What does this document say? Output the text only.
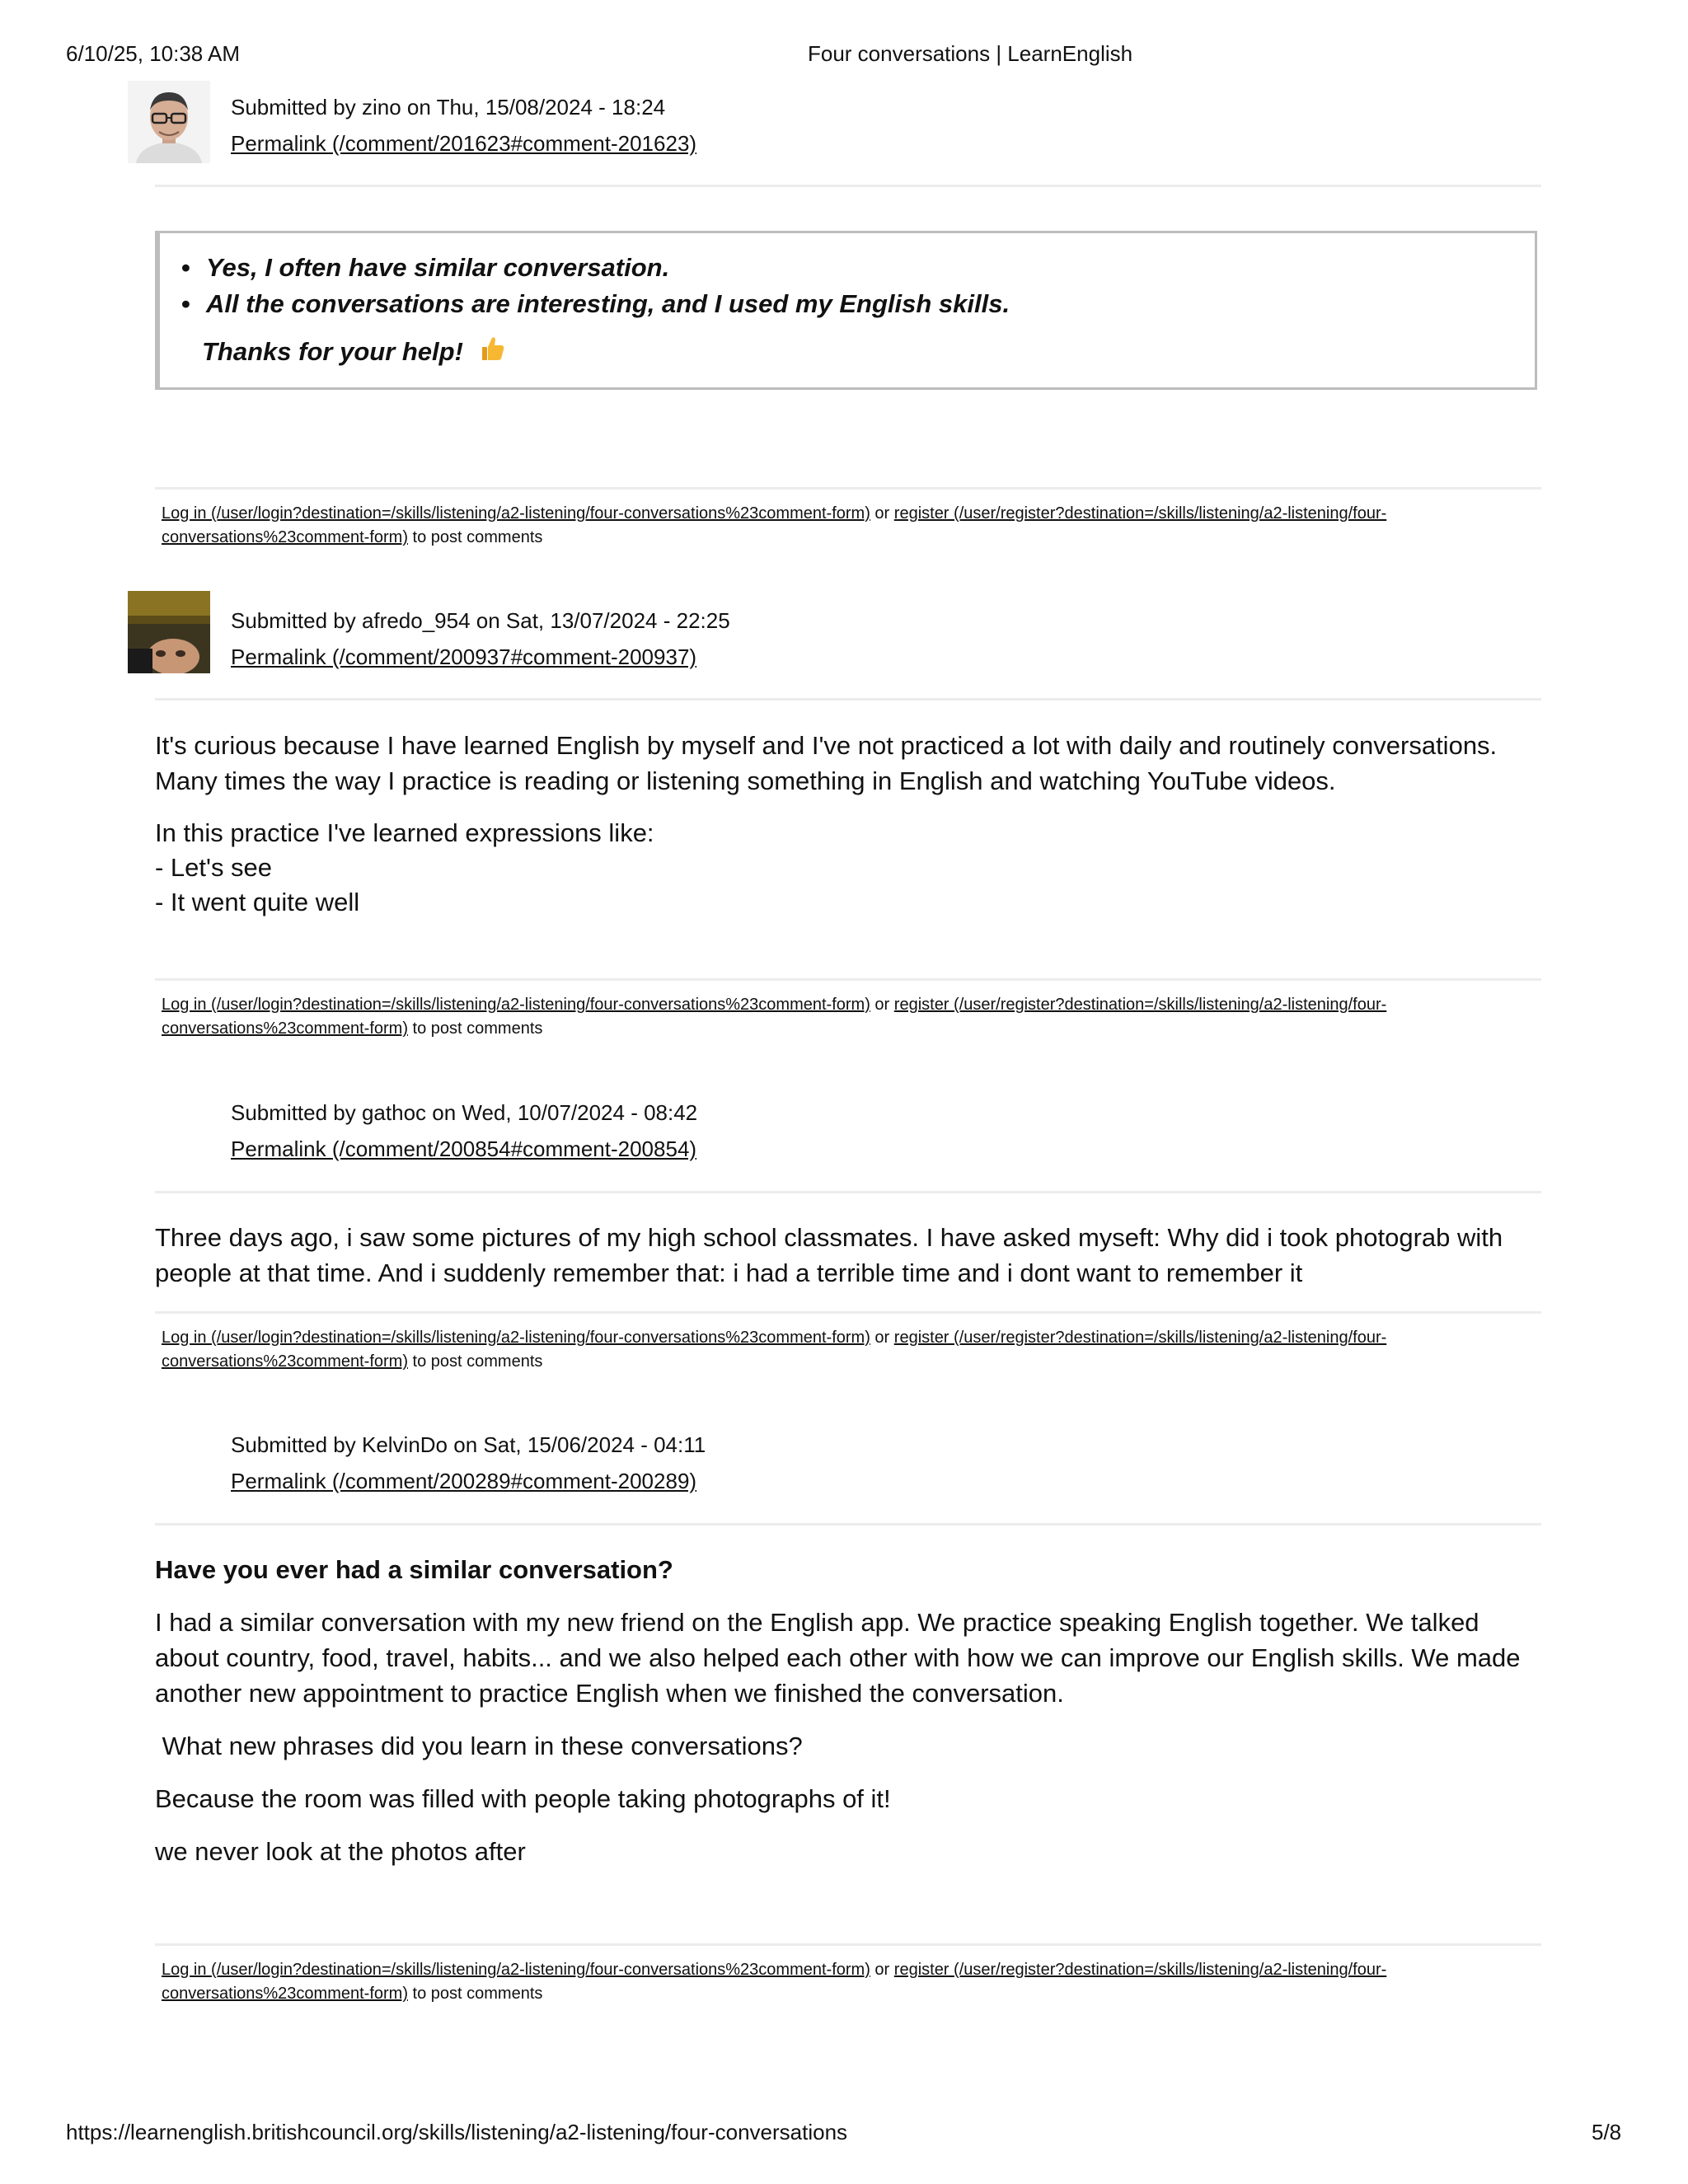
6/10/25, 10:38 AM	Four conversations | LearnEnglish
Submitted by zino on Thu, 15/08/2024 - 18:24
Permalink (/comment/201623#comment-201623)
• Yes, I often have similar conversation.
• All the conversations are interesting, and I used my English skills.
Thanks for your help!
Log in (/user/login?destination=/skills/listening/a2-listening/four-conversations%23comment-form) or register (/user/register?destination=/skills/listening/a2-listening/four-
conversations%23comment-form) to post comments
Submitted by afredo_954 on Sat, 13/07/2024 - 22:25
Permalink (/comment/200937#comment-200937)

It's curious because I have learned English by myself and I've not practiced a lot with daily and routinely conversations. Many times the way I practice is reading or listening something in English and watching YouTube videos.

In this practice I've learned expressions like:
- Let's see
- It went quite well

Log in (/user/login?destination=/skills/listening/a2-listening/four-conversations%23comment-form) or register (/user/register?destination=/skills/listening/a2-listening/four-
conversations%23comment-form) to post comments
Submitted by gathoc on Wed, 10/07/2024 - 08:42
Permalink (/comment/200854#comment-200854)

Three days ago, i saw some pictures of my high school classmates. I have asked myseft: Why did i took photograb with people at that time. And i suddenly remember that: i had a terrible time and i dont want to remember it

Log in (/user/login?destination=/skills/listening/a2-listening/four-conversations%23comment-form) or register (/user/register?destination=/skills/listening/a2-listening/four-
conversations%23comment-form) to post comments
Submitted by KelvinDo on Sat, 15/06/2024 - 04:11
Permalink (/comment/200289#comment-200289)

Have you ever had a similar conversation?

I had a similar conversation with my new friend on the English app. We practice speaking English together. We talked about country, food, travel, habits... and we also helped each other with how we can improve our English skills. We made another new appointment to practice English when we finished the conversation.

What new phrases did you learn in these conversations?

Because the room was filled with people taking photographs of it!

we never look at the photos after

Log in (/user/login?destination=/skills/listening/a2-listening/four-conversations%23comment-form) or register (/user/register?destination=/skills/listening/a2-listening/four-
conversations%23comment-form) to post comments
https://learnenglish.britishcouncil.org/skills/listening/a2-listening/four-conversations	5/8
